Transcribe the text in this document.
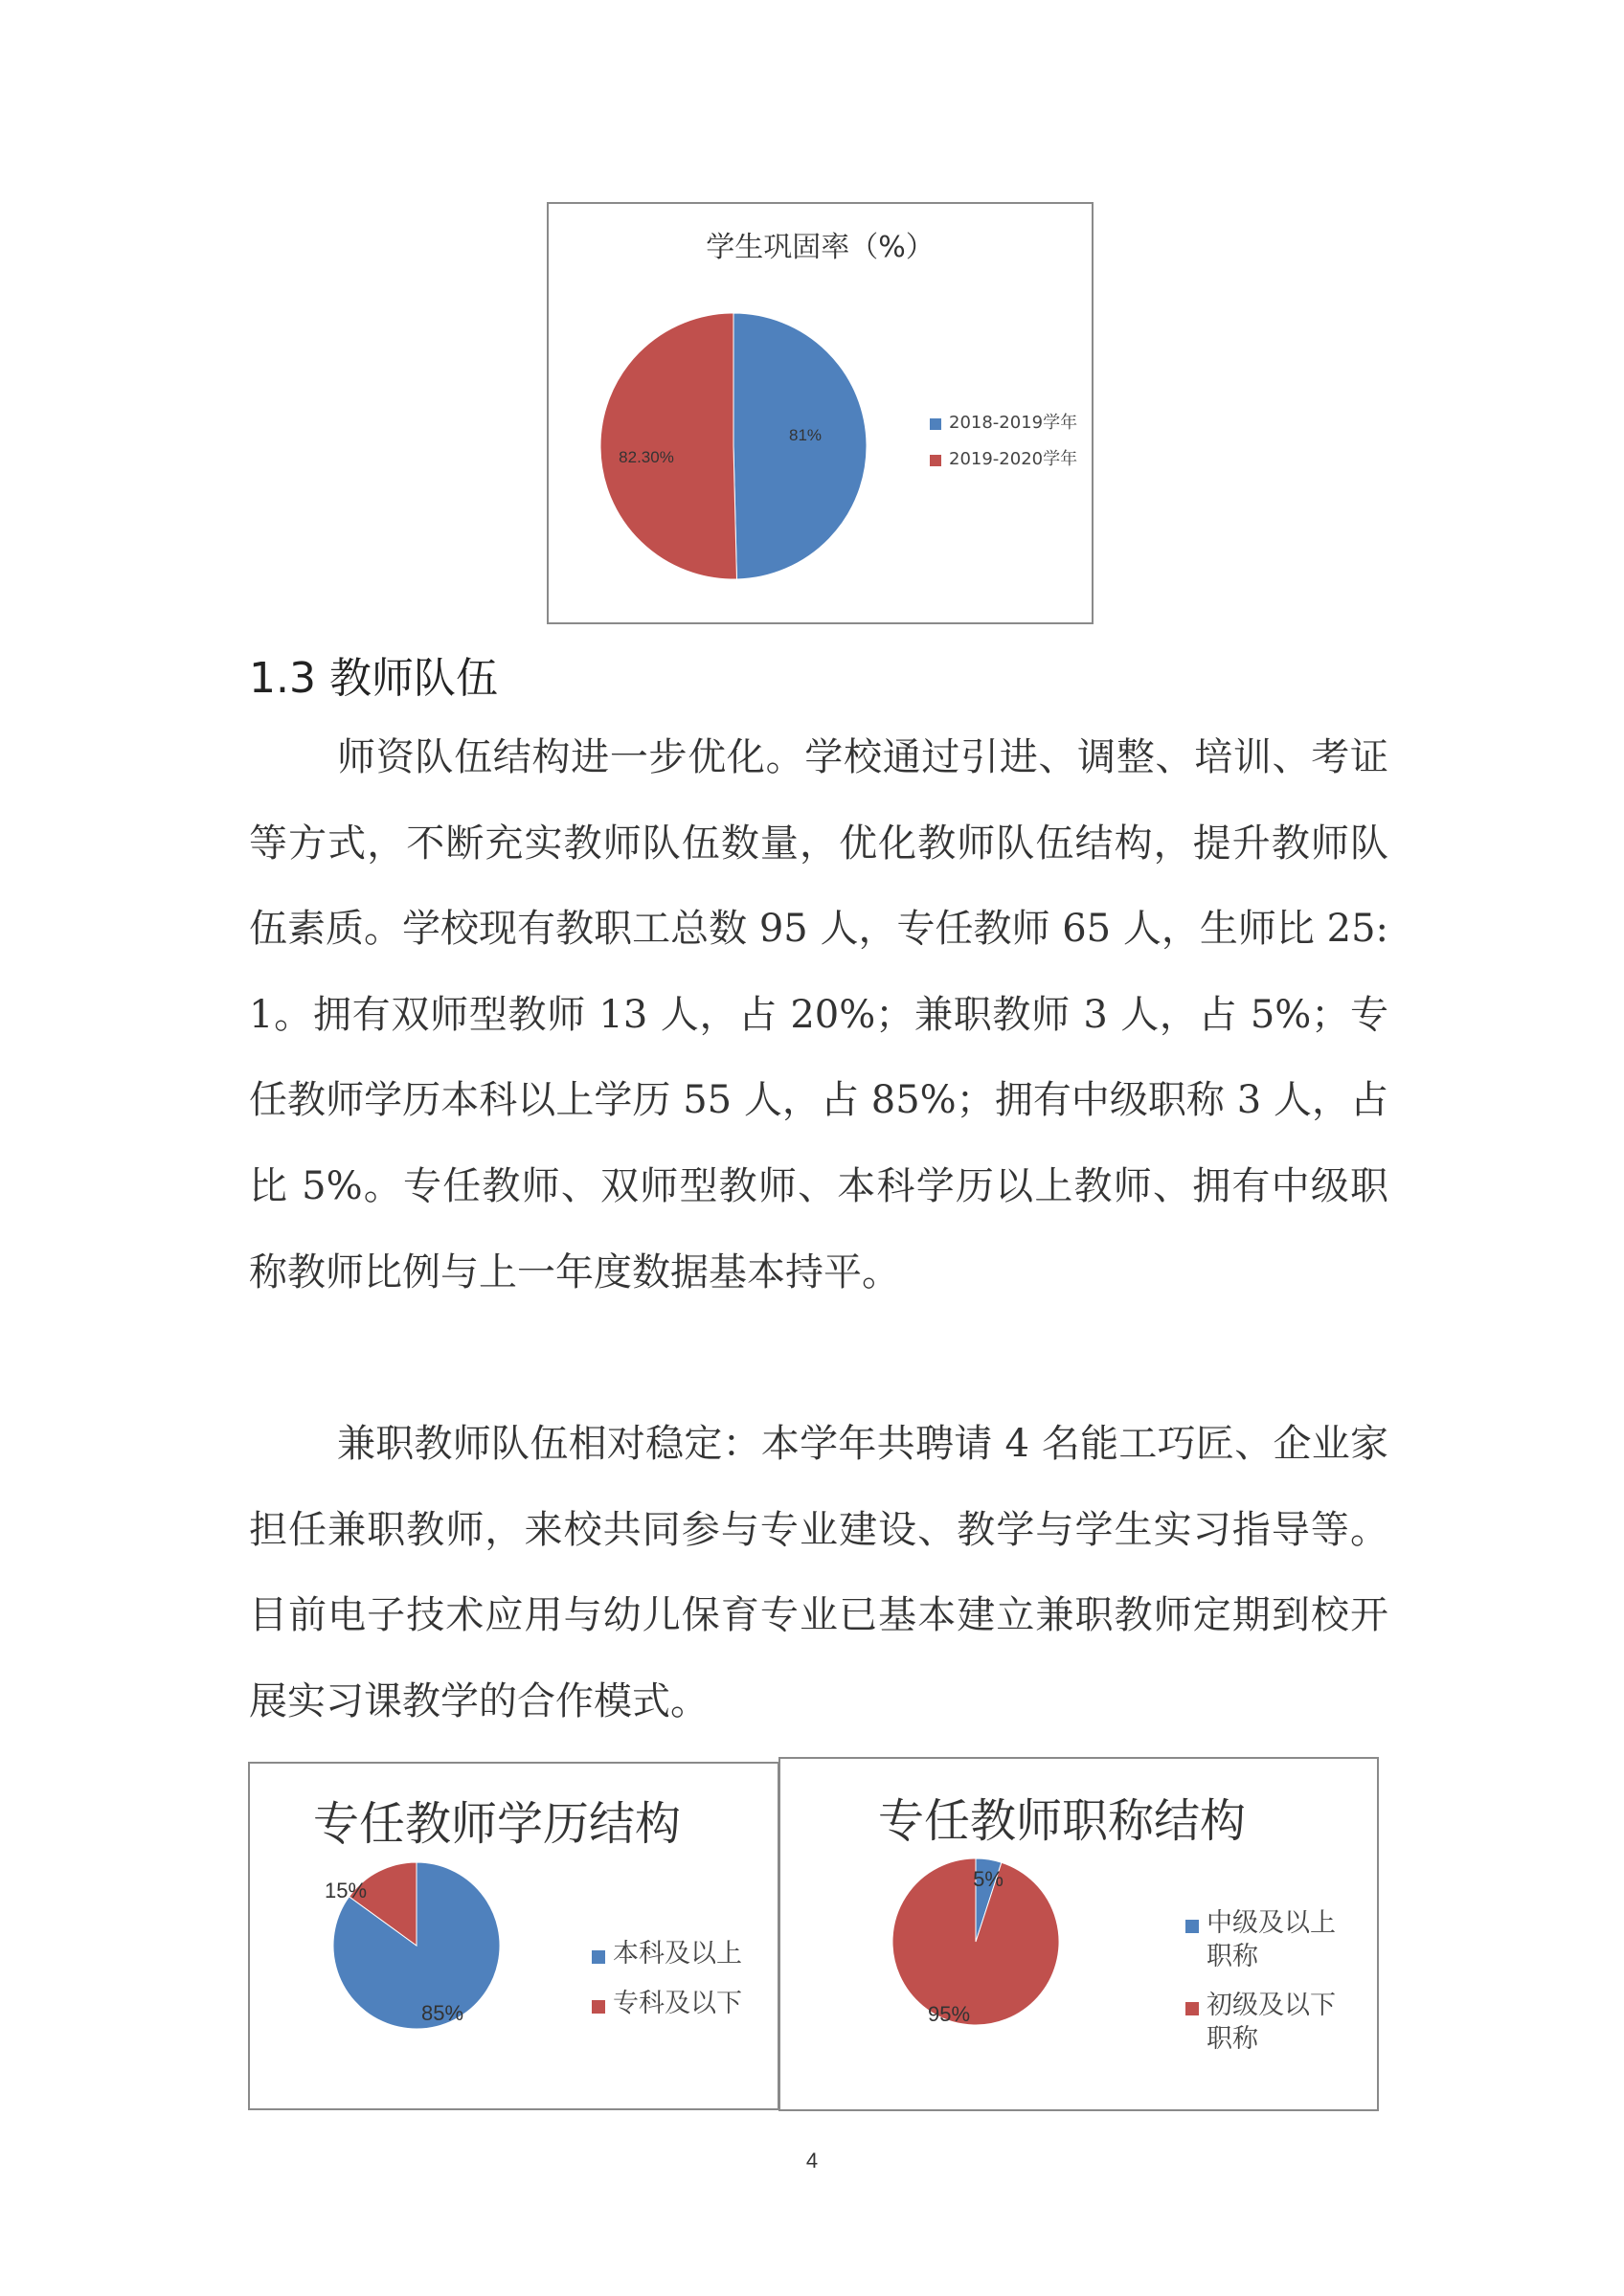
学生巩固率（%）
81%
82.30%
2018-2019学年
2019-2020学年
1.3 教师队伍

师资队伍结构进一步优化。学校通过引进、调整、培训、考证等方式，不断充实教师队伍数量，优化教师队伍结构，提升教师队伍素质。学校现有教职工总数 95 人，专任教师 65 人，生师比 25:1。拥有双师型教师 13 人，占 20%；兼职教师 3 人，占 5%；专任教师学历本科以上学历 55 人，占 85%；拥有中级职称 3 人，占比 5%。专任教师、双师型教师、本科学历以上教师、拥有中级职称教师比例与上一年度数据基本持平。

兼职教师队伍相对稳定：本学年共聘请 4 名能工巧匠、企业家担任兼职教师，来校共同参与专业建设、教学与学生实习指导等。目前电子技术应用与幼儿保育专业已基本建立兼职教师定期到校开展实习课教学的合作模式。

专任教师学历结构
85%
15%
本科及以上
专科及以下
专任教师职称结构
5%
95%
中级及以上职称
初级及以下职称
4
